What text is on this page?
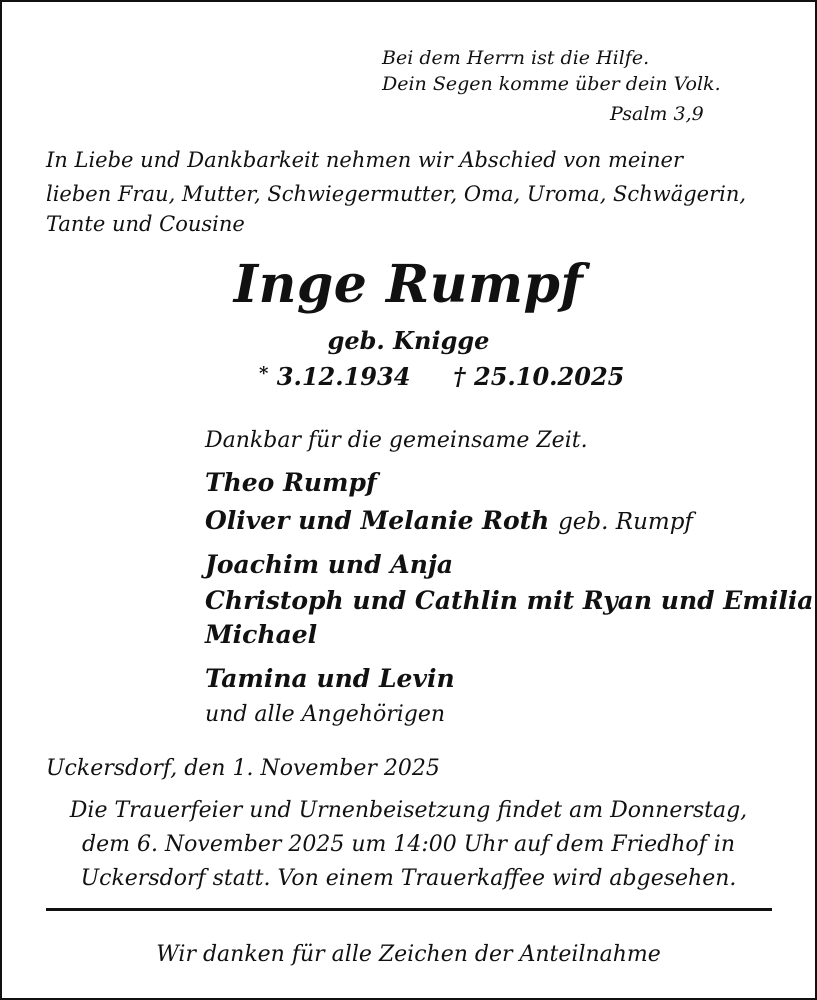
Bei dem Herrn ist die Hilfe.
Dein Segen komme über dein Volk.
Psalm 3,9
In Liebe und Dankbarkeit nehmen wir Abschied von meiner
lieben Frau, Mutter, Schwiegermutter, Oma, Uroma, Schwägerin,
Tante und Cousine
Inge Rumpf
geb. Knigge
* 3.12.1934 † 25.10.2025
Dankbar für die gemeinsame Zeit.
Theo Rumpf
Oliver und Melanie Roth geb. Rumpf
Joachim und Anja
Christoph und Cathlin mit Ryan und Emilia
Michael
Tamina und Levin
und alle Angehörigen
Uckersdorf, den 1. November 2025
Die Trauerfeier und Urnenbeisetzung findet am Donnerstag,
dem 6. November 2025 um 14:00 Uhr auf dem Friedhof in
Uckersdorf statt. Von einem Trauerkaffee wird abgesehen.
Wir danken für alle Zeichen der Anteilnahme
